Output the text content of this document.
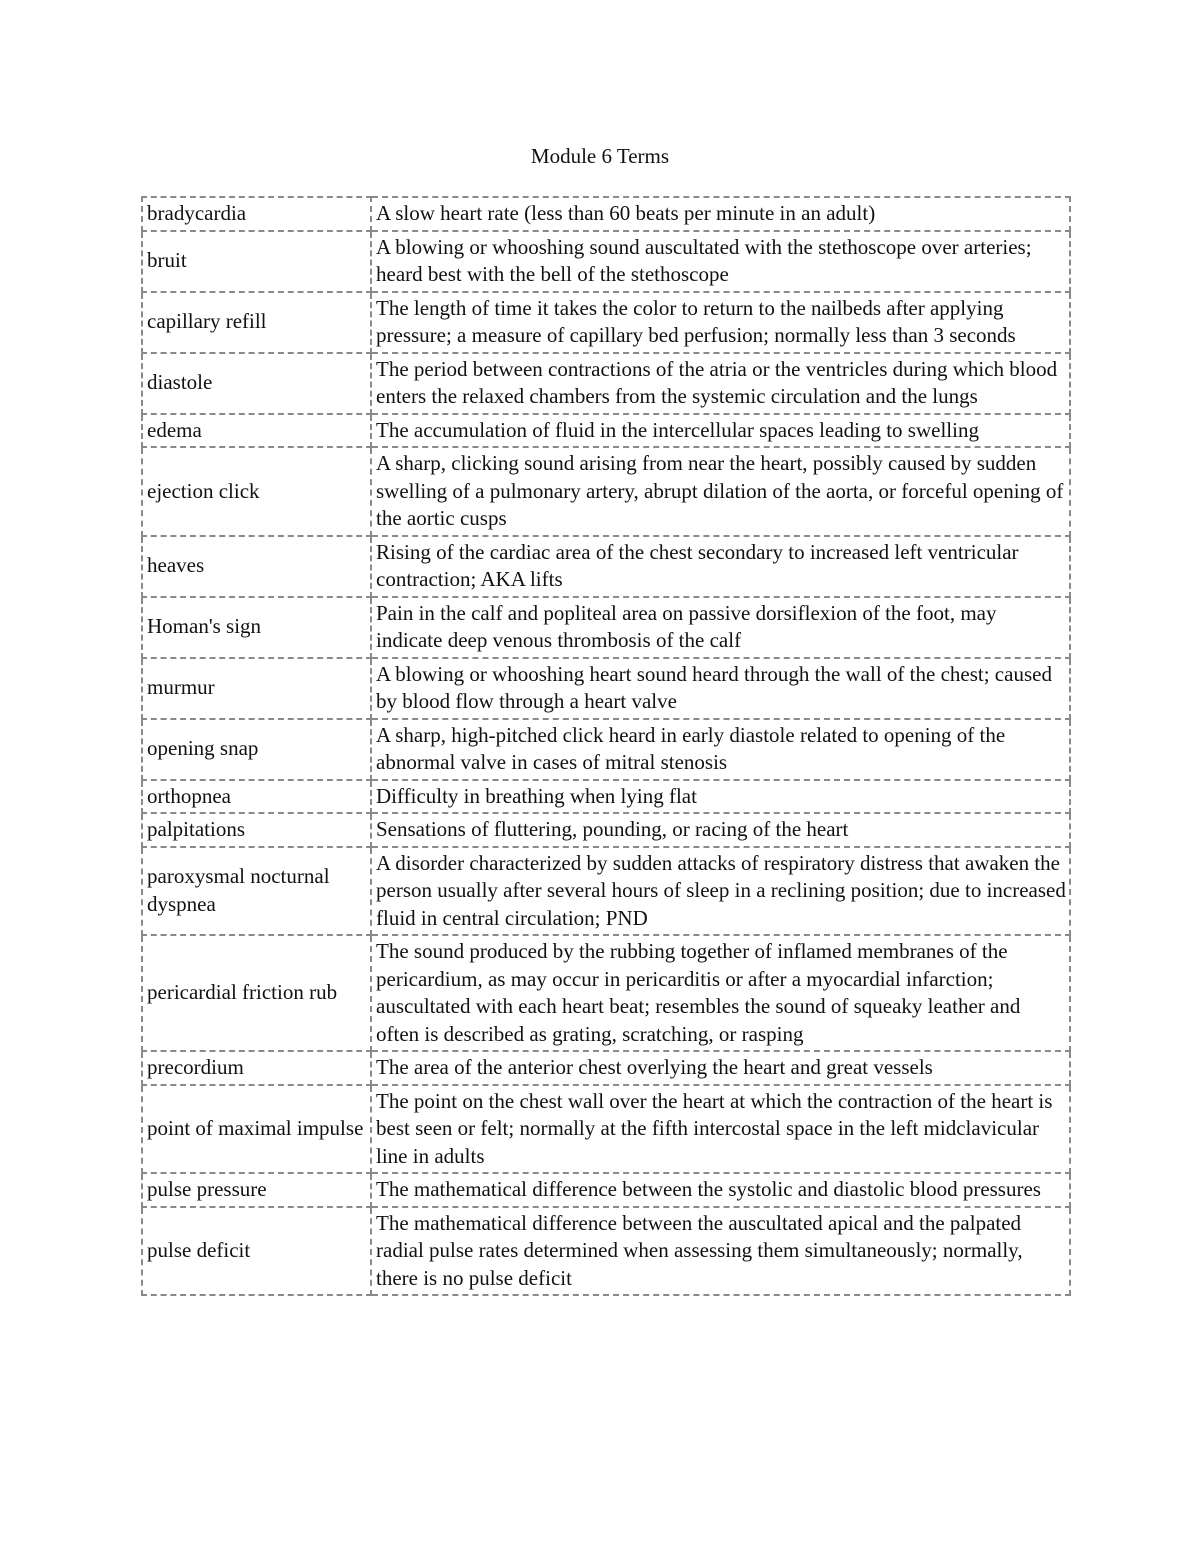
Module 6 Terms
bradycardia	A slow heart rate (less than 60 beats per minute in an adult)
bruit	A blowing or whooshing sound auscultated with the stethoscope over arteries; heard best with the bell of the stethoscope
capillary refill	The length of time it takes the color to return to the nailbeds after applying pressure; a measure of capillary bed perfusion; normally less than 3 seconds
diastole	The period between contractions of the atria or the ventricles during which blood enters the relaxed chambers from the systemic circulation and the lungs
edema	The accumulation of fluid in the intercellular spaces leading to swelling
ejection click	A sharp, clicking sound arising from near the heart, possibly caused by sudden swelling of a pulmonary artery, abrupt dilation of the aorta, or forceful opening of the aortic cusps
heaves	Rising of the cardiac area of the chest secondary to increased left ventricular contraction; AKA lifts
Homan's sign	Pain in the calf and popliteal area on passive dorsiflexion of the foot, may indicate deep venous thrombosis of the calf
murmur	A blowing or whooshing heart sound heard through the wall of the chest; caused by blood flow through a heart valve
opening snap	A sharp, high-pitched click heard in early diastole related to opening of the abnormal valve in cases of mitral stenosis
orthopnea	Difficulty in breathing when lying flat
palpitations	Sensations of fluttering, pounding, or racing of the heart
paroxysmal nocturnal dyspnea	A disorder characterized by sudden attacks of respiratory distress that awaken the person usually after several hours of sleep in a reclining position; due to increased fluid in central circulation; PND
pericardial friction rub	The sound produced by the rubbing together of inflamed membranes of the pericardium, as may occur in pericarditis or after a myocardial infarction; auscultated with each heart beat; resembles the sound of squeaky leather and often is described as grating, scratching, or rasping
precordium	The area of the anterior chest overlying the heart and great vessels
point of maximal impulse	The point on the chest wall over the heart at which the contraction of the heart is best seen or felt; normally at the fifth intercostal space in the left midclavicular line in adults
pulse pressure	The mathematical difference between the systolic and diastolic blood pressures
pulse deficit	The mathematical difference between the auscultated apical and the palpated radial pulse rates determined when assessing them simultaneously; normally, there is no pulse deficit
